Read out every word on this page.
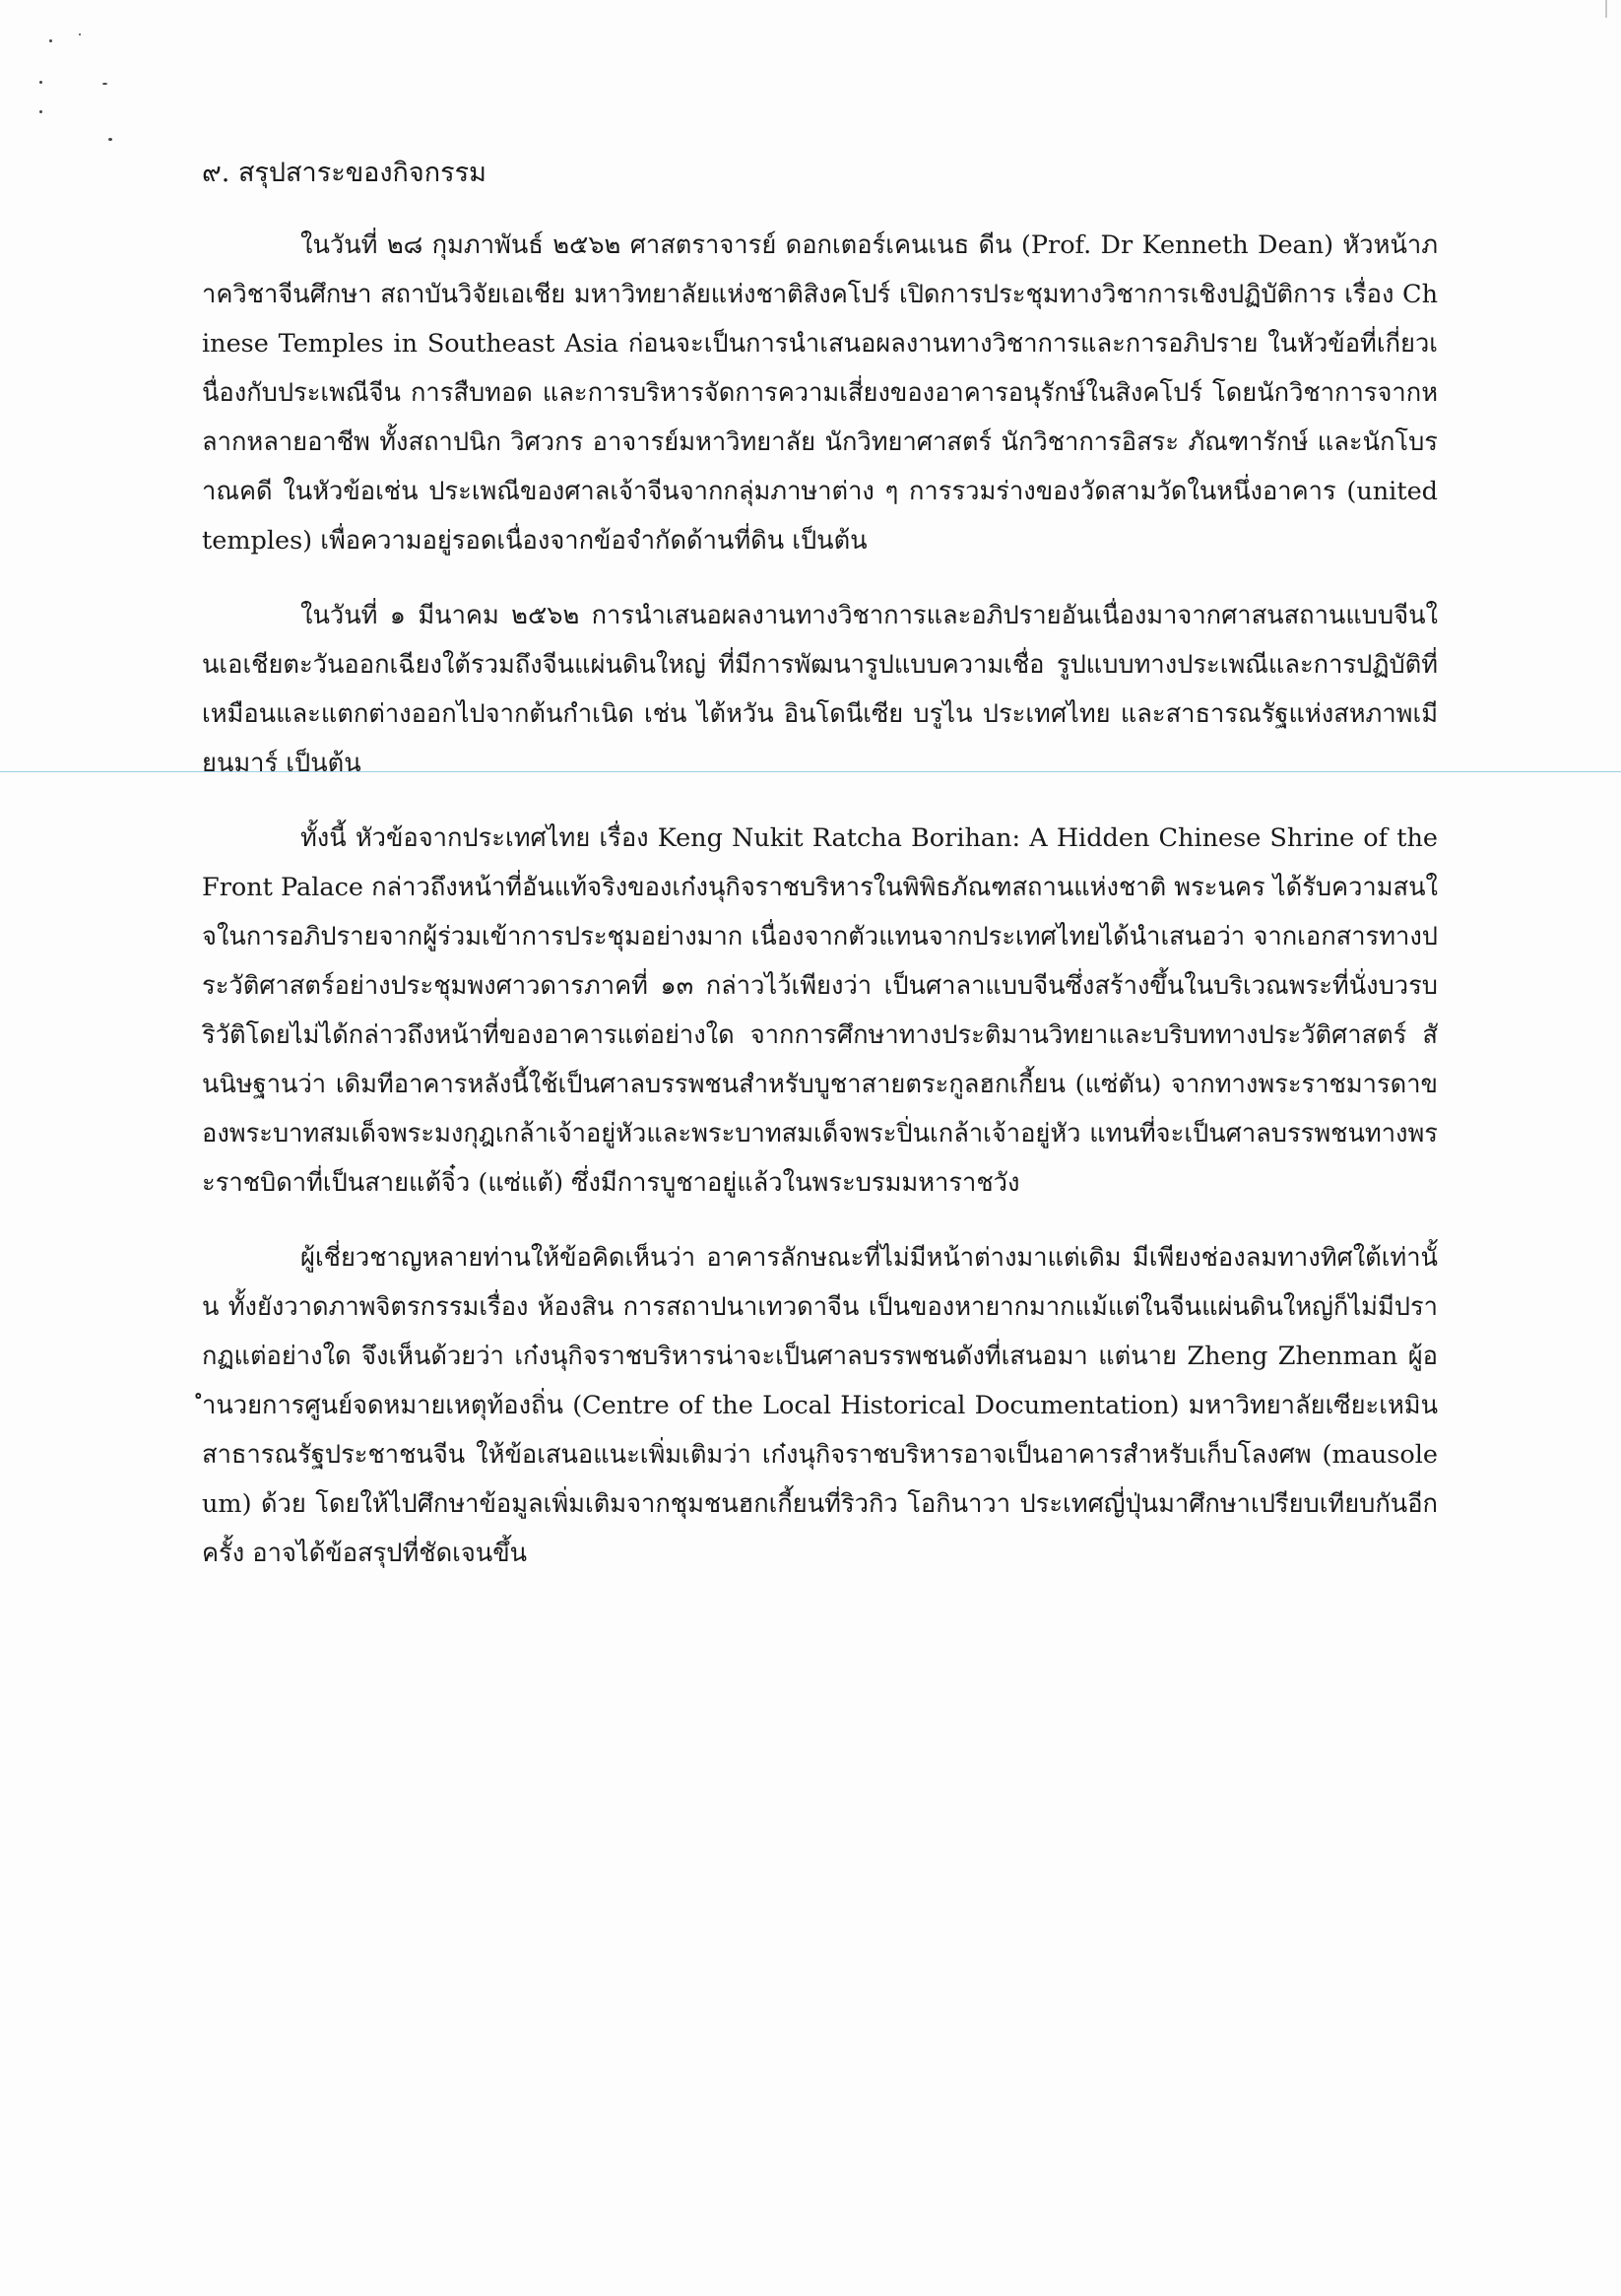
๙. สรุปสาระของกิจกรรม

ในวันที่ ๒๘ กุมภาพันธ์ ๒๕๖๒ ศาสตราจารย์ ดอกเตอร์เคนเนธ ดีน (Prof. Dr Kenneth Dean) หัวหน้าภาควิชาจีนศึกษา สถาบันวิจัยเอเชีย มหาวิทยาลัยแห่งชาติสิงคโปร์ เปิดการประชุมทางวิชาการเชิงปฏิบัติการ เรื่อง Chinese Temples in Southeast Asia ก่อนจะเป็นการนำเสนอผลงานทางวิชาการและการอภิปราย ในหัวข้อที่เกี่ยวเนื่องกับประเพณีจีน การสืบทอด และการบริหารจัดการความเสี่ยงของอาคารอนุรักษ์ในสิงคโปร์ โดยนักวิชาการจากหลากหลายอาชีพ ทั้งสถาปนิก วิศวกร อาจารย์มหาวิทยาลัย นักวิทยาศาสตร์ นักวิชาการอิสระ ภัณฑารักษ์ และนักโบราณคดี ในหัวข้อเช่น ประเพณีของศาลเจ้าจีนจากกลุ่มภาษาต่าง ๆ การรวมร่างของวัดสามวัดในหนึ่งอาคาร (united temples) เพื่อความอยู่รอดเนื่องจากข้อจำกัดด้านที่ดิน เป็นต้น

ในวันที่ ๑ มีนาคม ๒๕๖๒ การนำเสนอผลงานทางวิชาการและอภิปรายอันเนื่องมาจากศาสนสถานแบบจีนในเอเชียตะวันออกเฉียงใต้รวมถึงจีนแผ่นดินใหญ่ ที่มีการพัฒนารูปแบบความเชื่อ รูปแบบทางประเพณีและการปฏิบัติที่เหมือนและแตกต่างออกไปจากต้นกำเนิด เช่น ไต้หวัน อินโดนีเซีย บรูไน ประเทศไทย และสาธารณรัฐแห่งสหภาพเมียนมาร์ เป็นต้น

ทั้งนี้ หัวข้อจากประเทศไทย เรื่อง Keng Nukit Ratcha Borihan: A Hidden Chinese Shrine of the Front Palace กล่าวถึงหน้าที่อันแท้จริงของเก๋งนุกิจราชบริหารในพิพิธภัณฑสถานแห่งชาติ พระนคร ได้รับความสนใจในการอภิปรายจากผู้ร่วมเข้าการประชุมอย่างมาก เนื่องจากตัวแทนจากประเทศไทยได้นำเสนอว่า จากเอกสารทางประวัติศาสตร์อย่างประชุมพงศาวดารภาคที่ ๑๓ กล่าวไว้เพียงว่า เป็นศาลาแบบจีนซึ่งสร้างขึ้นในบริเวณพระที่นั่งบวรบริวัติโดยไม่ได้กล่าวถึงหน้าที่ของอาคารแต่อย่างใด จากการศึกษาทางประติมานวิทยาและบริบททางประวัติศาสตร์ สันนิษฐานว่า เดิมทีอาคารหลังนี้ใช้เป็นศาลบรรพชนสำหรับบูชาสายตระกูลฮกเกี้ยน (แซ่ตัน) จากทางพระราชมารดาของพระบาทสมเด็จพระมงกุฎเกล้าเจ้าอยู่หัวและพระบาทสมเด็จพระปิ่นเกล้าเจ้าอยู่หัว แทนที่จะเป็นศาลบรรพชนทางพระราชบิดาที่เป็นสายแต้จิ๋ว (แซ่แต้) ซึ่งมีการบูชาอยู่แล้วในพระบรมมหาราชวัง

ผู้เชี่ยวชาญหลายท่านให้ข้อคิดเห็นว่า อาคารลักษณะที่ไม่มีหน้าต่างมาแต่เดิม มีเพียงช่องลมทางทิศใต้เท่านั้น ทั้งยังวาดภาพจิตรกรรมเรื่อง ห้องสิน การสถาปนาเทวดาจีน เป็นของหายากมากแม้แต่ในจีนแผ่นดินใหญ่ก็ไม่มีปรากฏแต่อย่างใด จึงเห็นด้วยว่า เก๋งนุกิจราชบริหารน่าจะเป็นศาลบรรพชนดังที่เสนอมา แต่นาย Zheng Zhenman ผู้อำนวยการศูนย์จดหมายเหตุท้องถิ่น (Centre of the Local Historical Documentation) มหาวิทยาลัยเซียะเหมิน สาธารณรัฐประชาชนจีน ให้ข้อเสนอแนะเพิ่มเติมว่า เก๋งนุกิจราชบริหารอาจเป็นอาคารสำหรับเก็บโลงศพ (mausoleum) ด้วย โดยให้ไปศึกษาข้อมูลเพิ่มเติมจากชุมชนฮกเกี้ยนที่ริวกิว โอกินาวา ประเทศญี่ปุ่นมาศึกษาเปรียบเทียบกันอีกครั้ง อาจได้ข้อสรุปที่ชัดเจนขึ้น
